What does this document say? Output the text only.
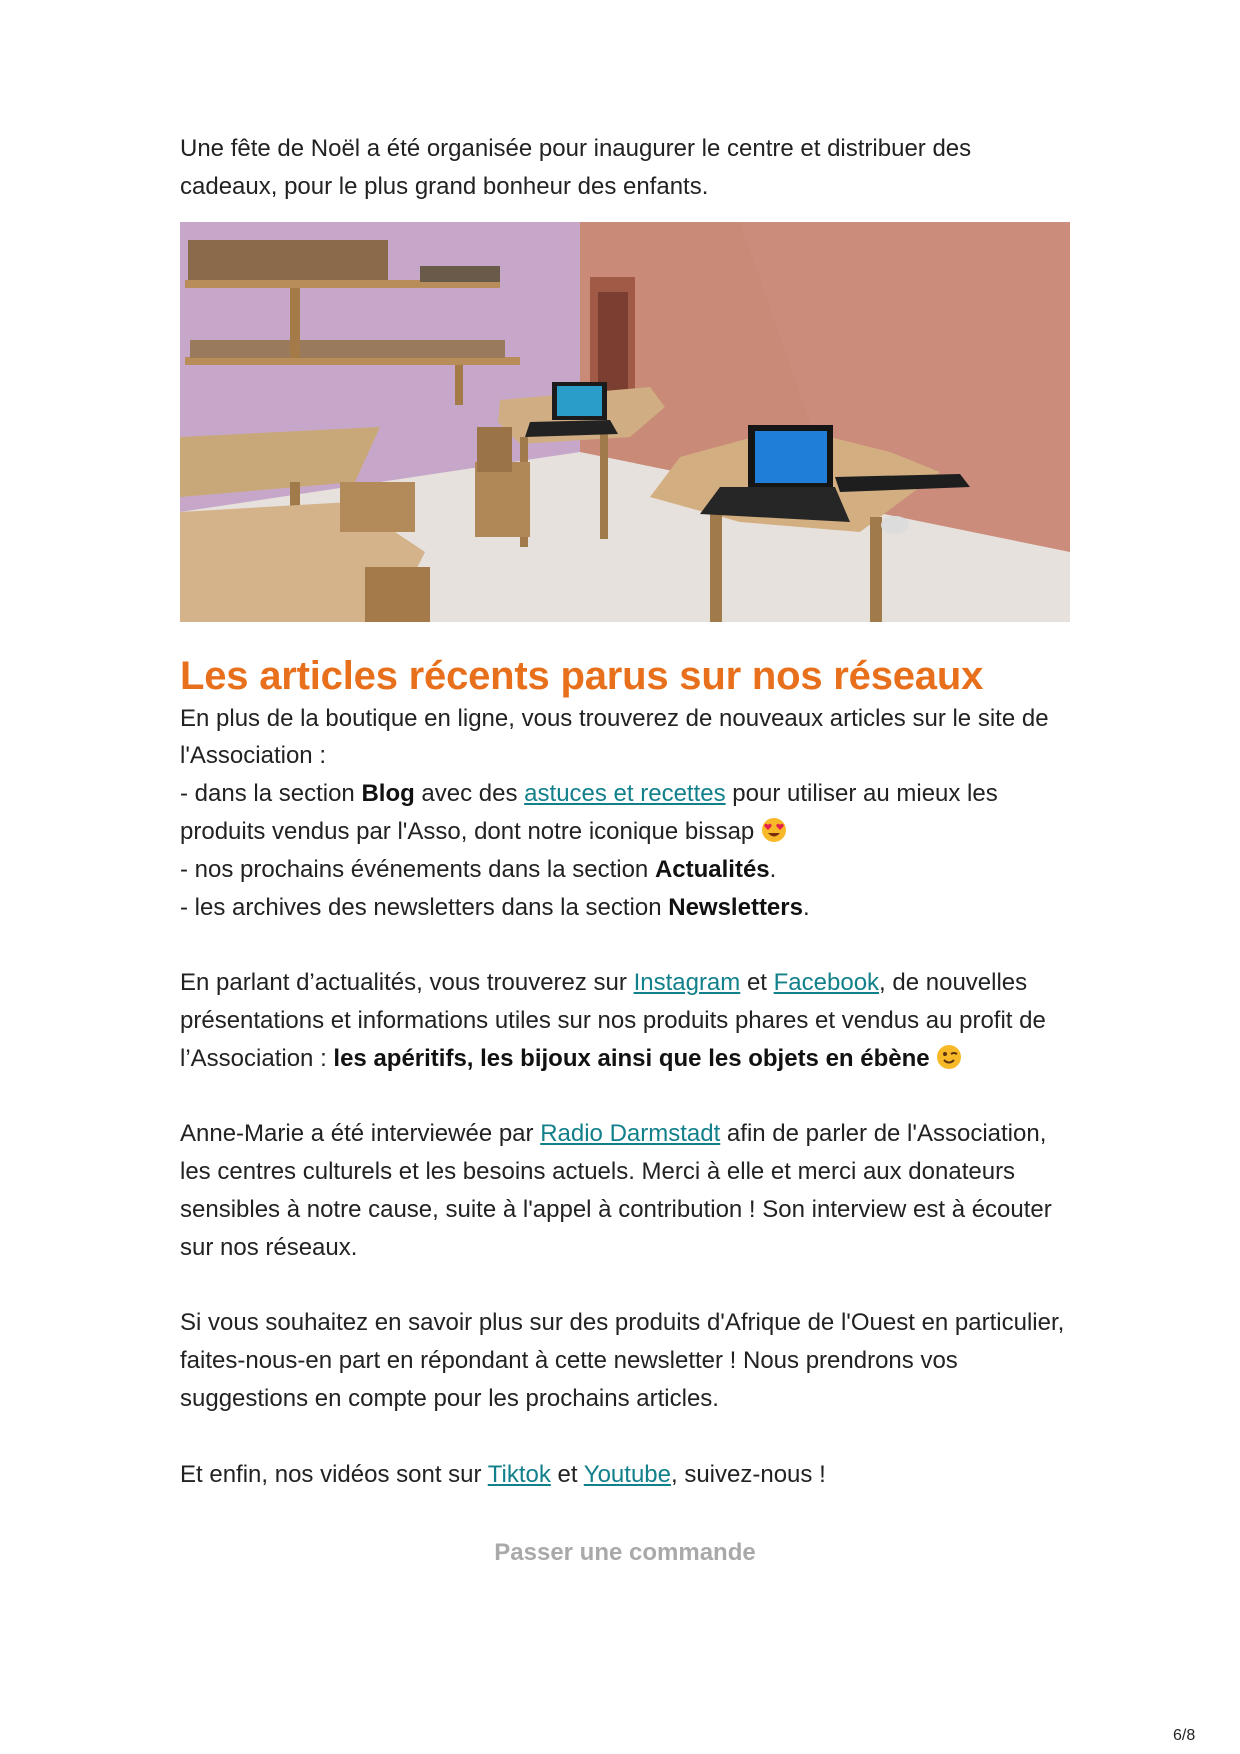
Une fête de Noël a été organisée pour inaugurer le centre et distribuer des cadeaux, pour le plus grand bonheur des enfants.

Les articles récents parus sur nos réseaux

En plus de la boutique en ligne, vous trouverez de nouveaux articles sur le site de l'Association :
- dans la section Blog avec des astuces et recettes pour utiliser au mieux les produits vendus par l'Asso, dont notre iconique bissap
- nos prochains événements dans la section Actualités.
- les archives des newsletters dans la section Newsletters.

En parlant d’actualités, vous trouverez sur Instagram et Facebook, de nouvelles présentations et informations utiles sur nos produits phares et vendus au profit de l’Association : les apéritifs, les bijoux ainsi que les objets en ébène

Anne-Marie a été interviewée par Radio Darmstadt afin de parler de l'Association, les centres culturels et les besoins actuels. Merci à elle et merci aux donateurs sensibles à notre cause, suite à l'appel à contribution ! Son interview est à écouter sur nos réseaux.

Si vous souhaitez en savoir plus sur des produits d'Afrique de l'Ouest en particulier, faites-nous-en part en répondant à cette newsletter ! Nous prendrons vos suggestions en compte pour les prochains articles.

Et enfin, nos vidéos sont sur Tiktok et Youtube, suivez-nous !

Passer une commande
6/8
